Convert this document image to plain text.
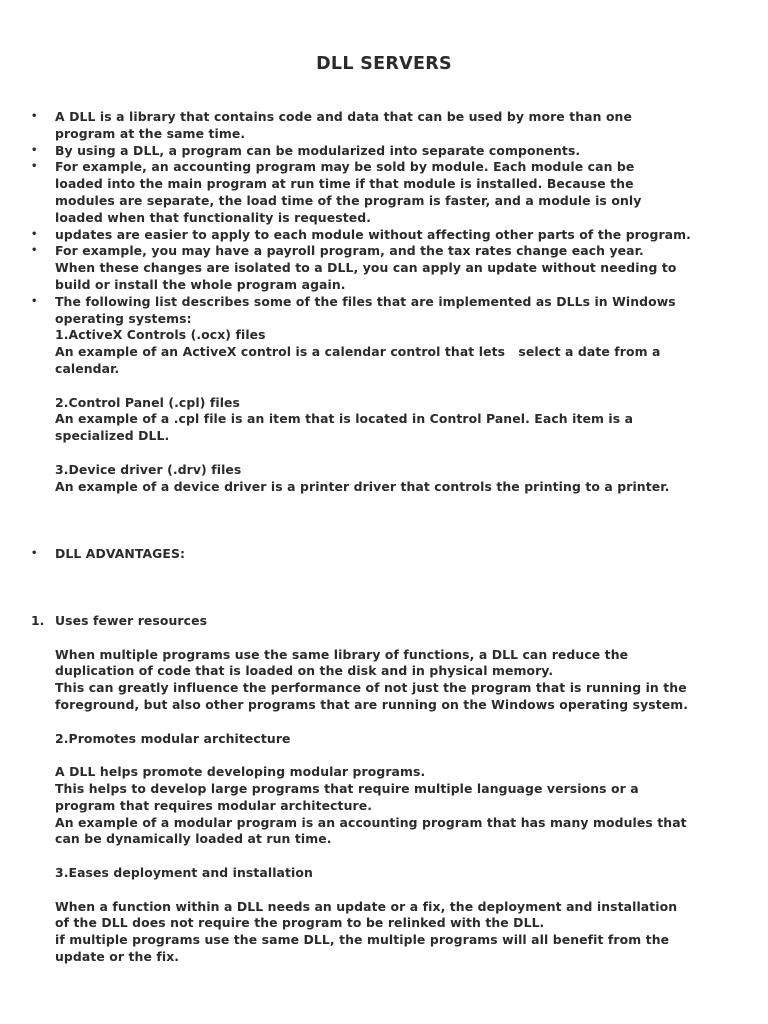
DLL SERVERS
• A DLL is a library that contains code and data that can be used by more than one
program at the same time.
• By using a DLL, a program can be modularized into separate components.
• For example, an accounting program may be sold by module. Each module can be
loaded into the main program at run time if that module is installed. Because the
modules are separate, the load time of the program is faster, and a module is only
loaded when that functionality is requested.
• updates are easier to apply to each module without affecting other parts of the program.
• For example, you may have a payroll program, and the tax rates change each year.
When these changes are isolated to a DLL, you can apply an update without needing to
build or install the whole program again.
• The following list describes some of the files that are implemented as DLLs in Windows
operating systems:
1.ActiveX Controls (.ocx) files
An example of an ActiveX control is a calendar control that lets   select a date from a
calendar.
2.Control Panel (.cpl) files
An example of a .cpl file is an item that is located in Control Panel. Each item is a
specialized DLL.
3.Device driver (.drv) files
An example of a device driver is a printer driver that controls the printing to a printer.
• DLL ADVANTAGES:
1. Uses fewer resources
When multiple programs use the same library of functions, a DLL can reduce the
duplication of code that is loaded on the disk and in physical memory.
This can greatly influence the performance of not just the program that is running in the
foreground, but also other programs that are running on the Windows operating system.
2.Promotes modular architecture
A DLL helps promote developing modular programs.
This helps to develop large programs that require multiple language versions or a
program that requires modular architecture.
An example of a modular program is an accounting program that has many modules that
can be dynamically loaded at run time.
3.Eases deployment and installation
When a function within a DLL needs an update or a fix, the deployment and installation
of the DLL does not require the program to be relinked with the DLL.
if multiple programs use the same DLL, the multiple programs will all benefit from the
update or the fix.
